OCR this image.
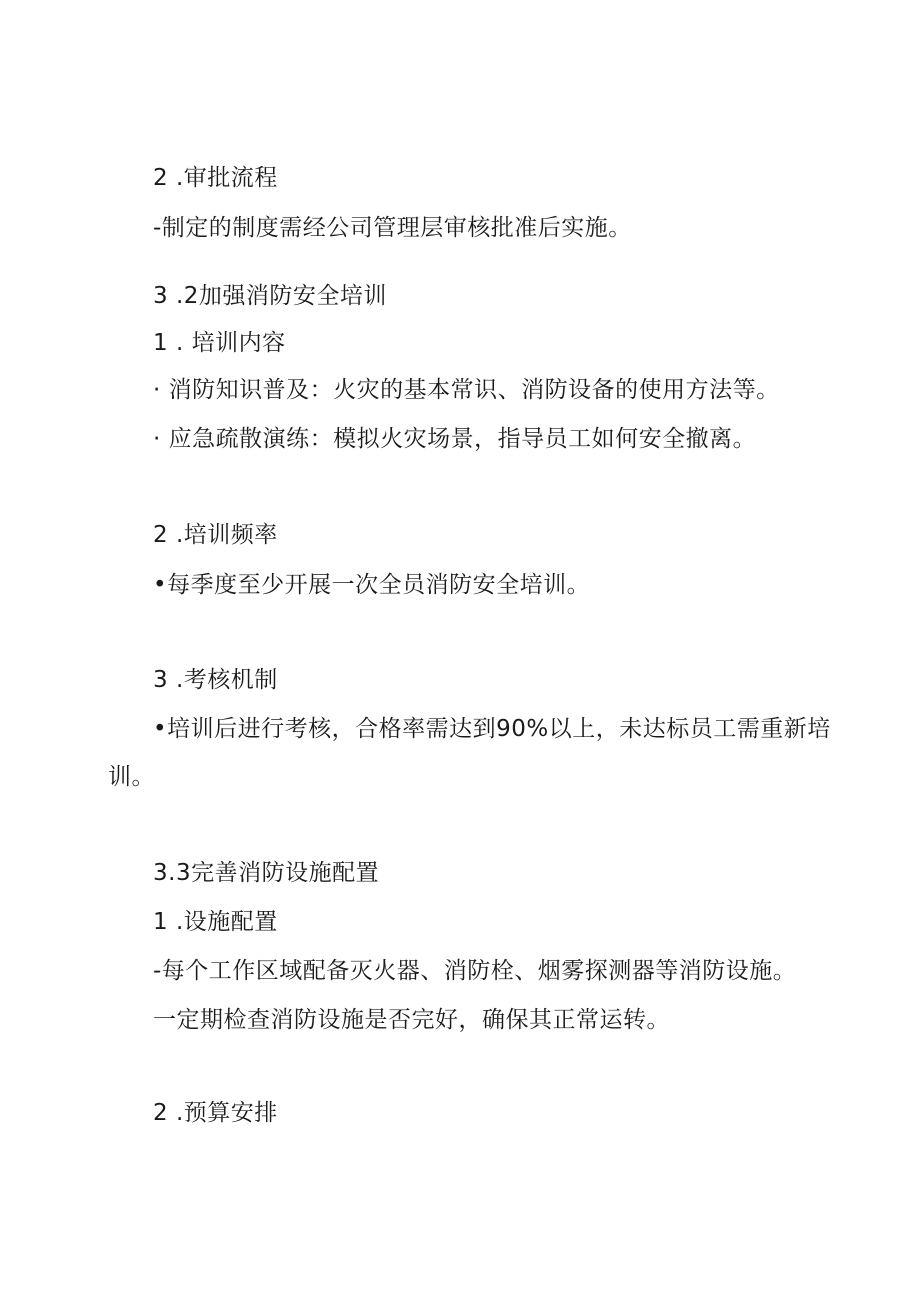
2 .审批流程
-制定的制度需经公司管理层审核批准后实施。
3 .2加强消防安全培训
1 . 培训内容
· 消防知识普及：火灾的基本常识、消防设备的使用方法等。
· 应急疏散演练：模拟火灾场景，指导员工如何安全撤离。
2 .培训频率
•每季度至少开展一次全员消防安全培训。
3 .考核机制
•培训后进行考核，合格率需达到90%以上，未达标员工需重新培
训。
3.3完善消防设施配置
1 .设施配置
-每个工作区域配备灭火器、消防栓、烟雾探测器等消防设施。
一定期检查消防设施是否完好，确保其正常运转。
2 .预算安排
